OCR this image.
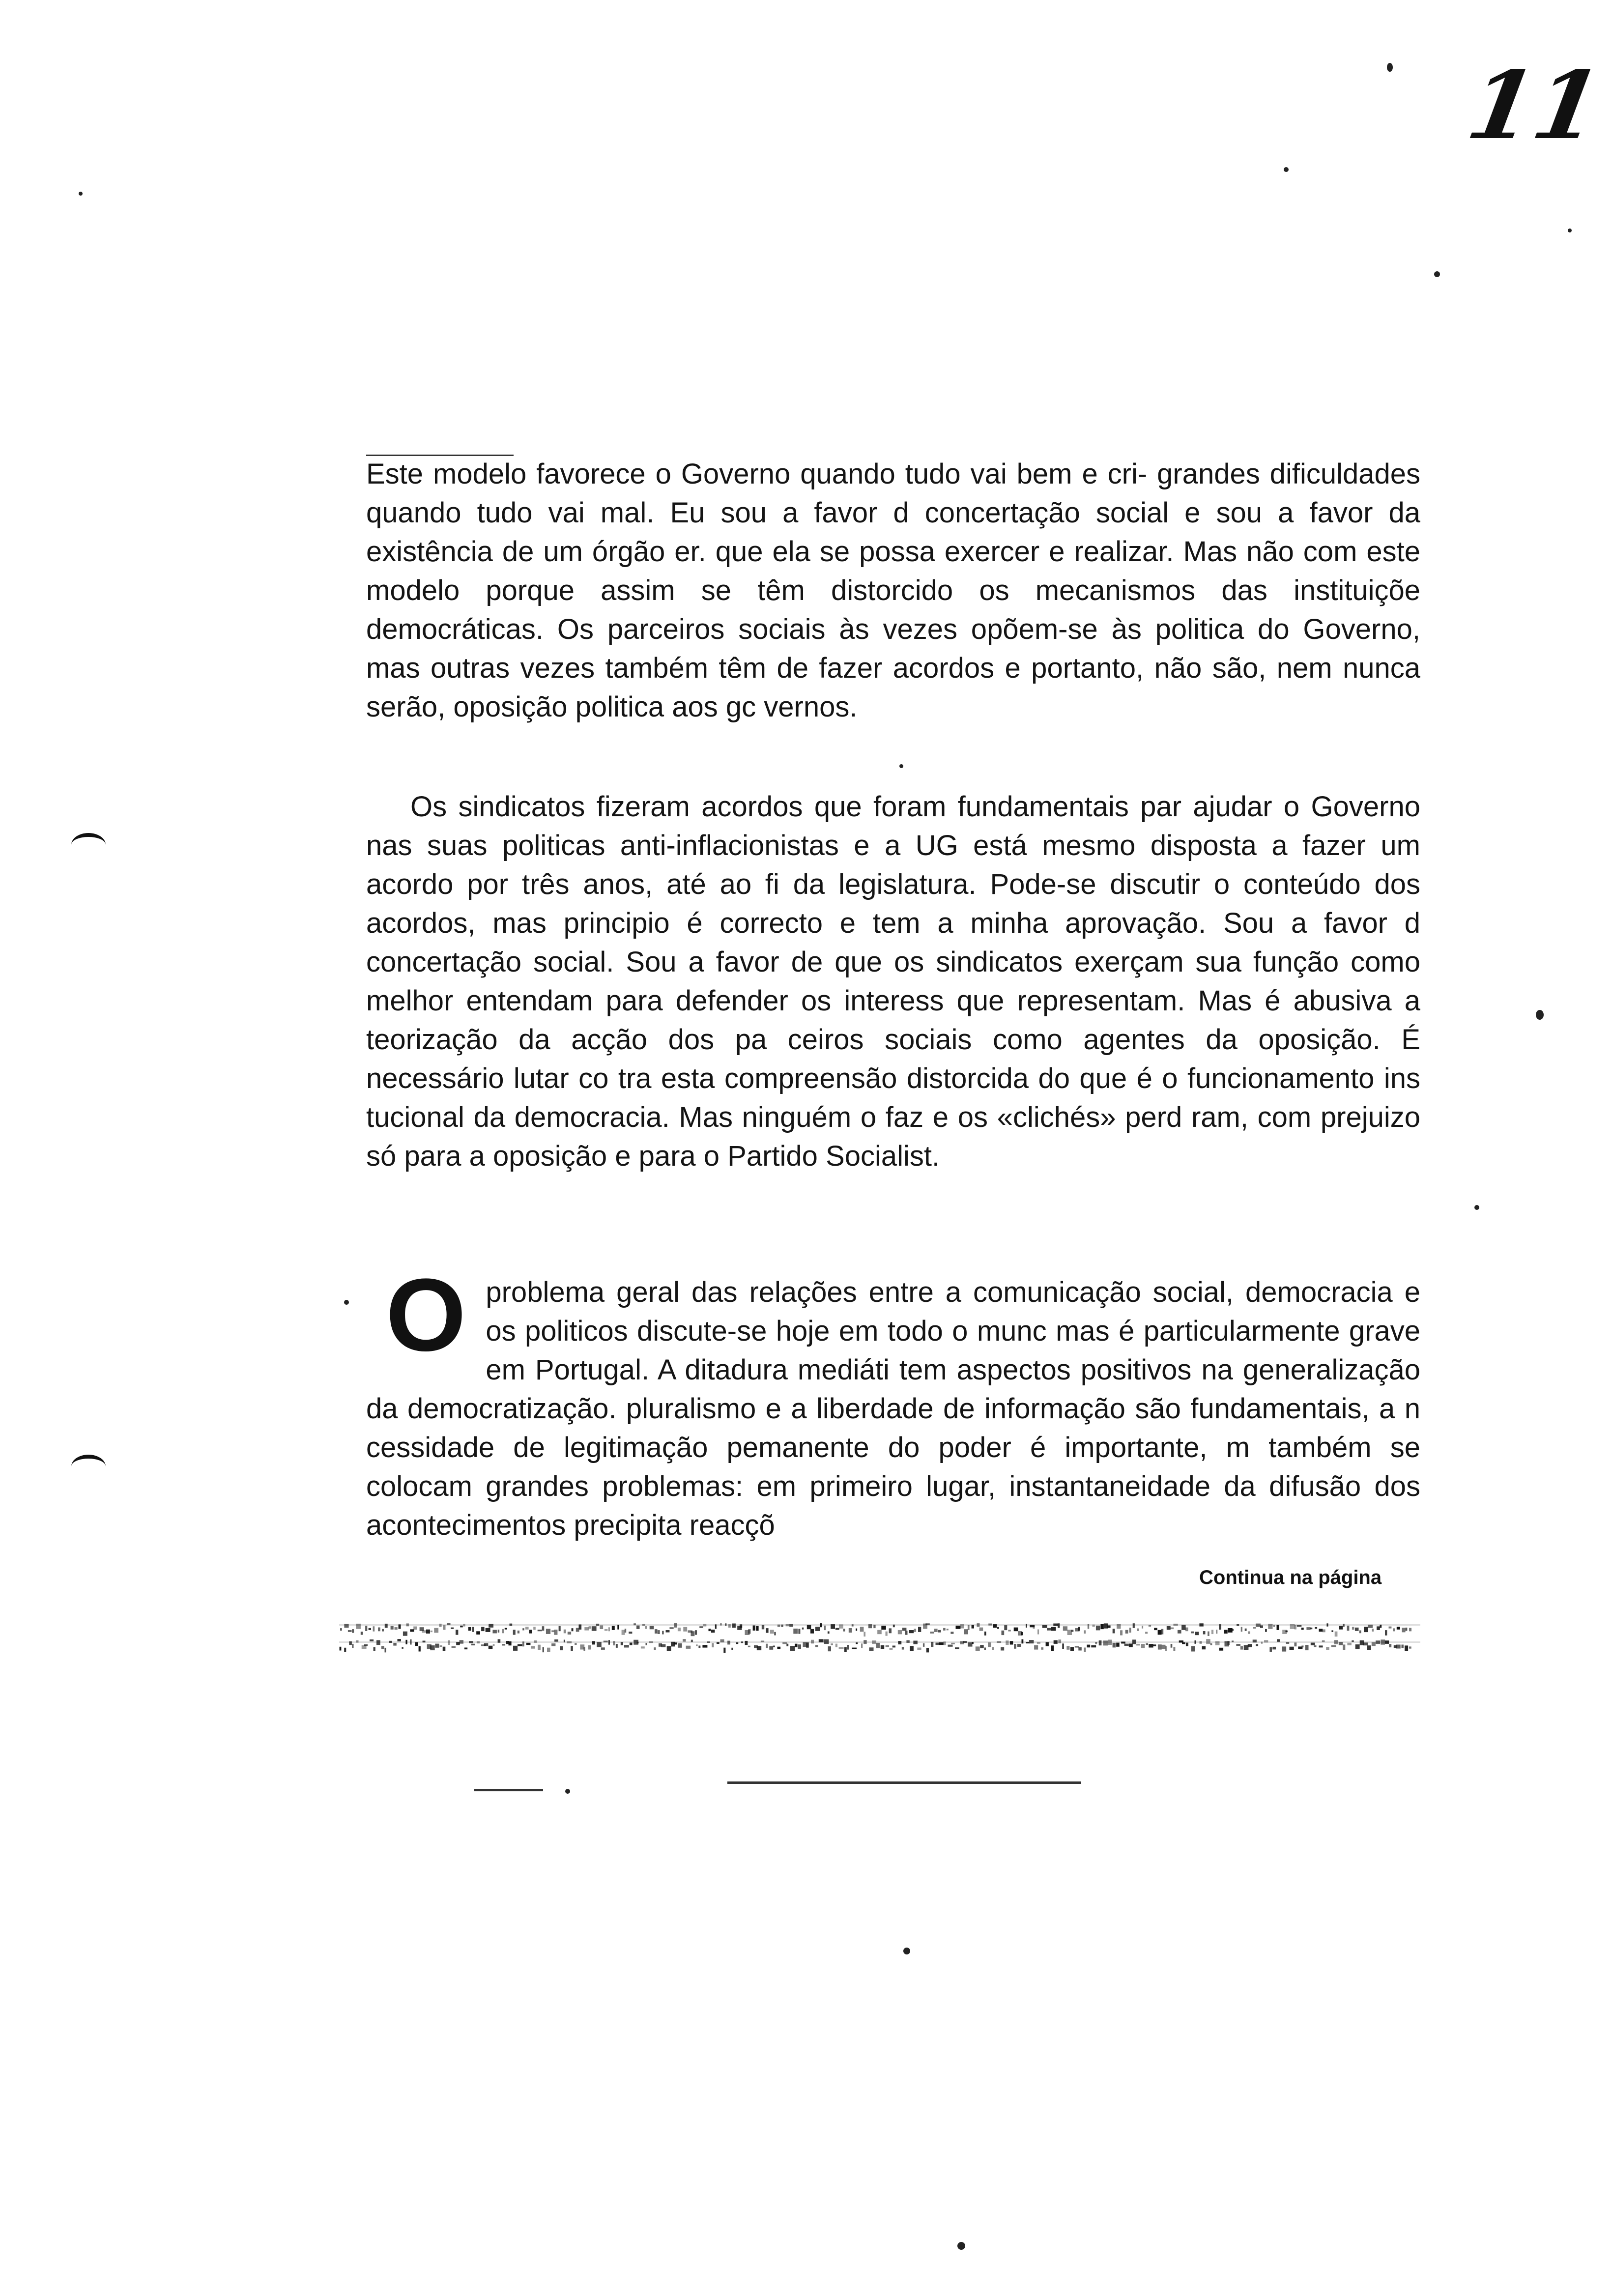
11

Este modelo favorece o Governo quando tudo vai bem e cri- grandes dificuldades quando tudo vai mal. Eu sou a favor d concertação social e sou a favor da existência de um órgão er. que ela se possa exercer e realizar. Mas não com este modelo porque assim se têm distorcido os mecanismos das instituiçõe democráticas. Os parceiros sociais às vezes opõem-se às politica do Governo, mas outras vezes também têm de fazer acordos e portanto, não são, nem nunca serão, oposição politica aos gc vernos.

Os sindicatos fizeram acordos que foram fundamentais par ajudar o Governo nas suas politicas anti-inflacionistas e a UG está mesmo disposta a fazer um acordo por três anos, até ao fi da legislatura. Pode-se discutir o conteúdo dos acordos, mas principio é correcto e tem a minha aprovação. Sou a favor d concertação social. Sou a favor de que os sindicatos exerçam sua função como melhor entendam para defender os interess que representam. Mas é abusiva a teorização da acção dos pa ceiros sociais como agentes da oposição. É necessário lutar co tra esta compreensão distorcida do que é o funcionamento ins tucional da democracia. Mas ninguém o faz e os «clichés» perd ram, com prejuizo só para a oposição e para o Partido Socialist.

O problema geral das relações entre a comunicação social, democracia e os politicos discute-se hoje em todo o munc mas é particularmente grave em Portugal. A ditadura mediáti tem aspectos positivos na generalização da democratização. pluralismo e a liberdade de informação são fundamentais, a n cessidade de legitimação pemanente do poder é importante, m também se colocam grandes problemas: em primeiro lugar, instantaneidade da difusão dos acontecimentos precipita reacçõ

Continua na página
